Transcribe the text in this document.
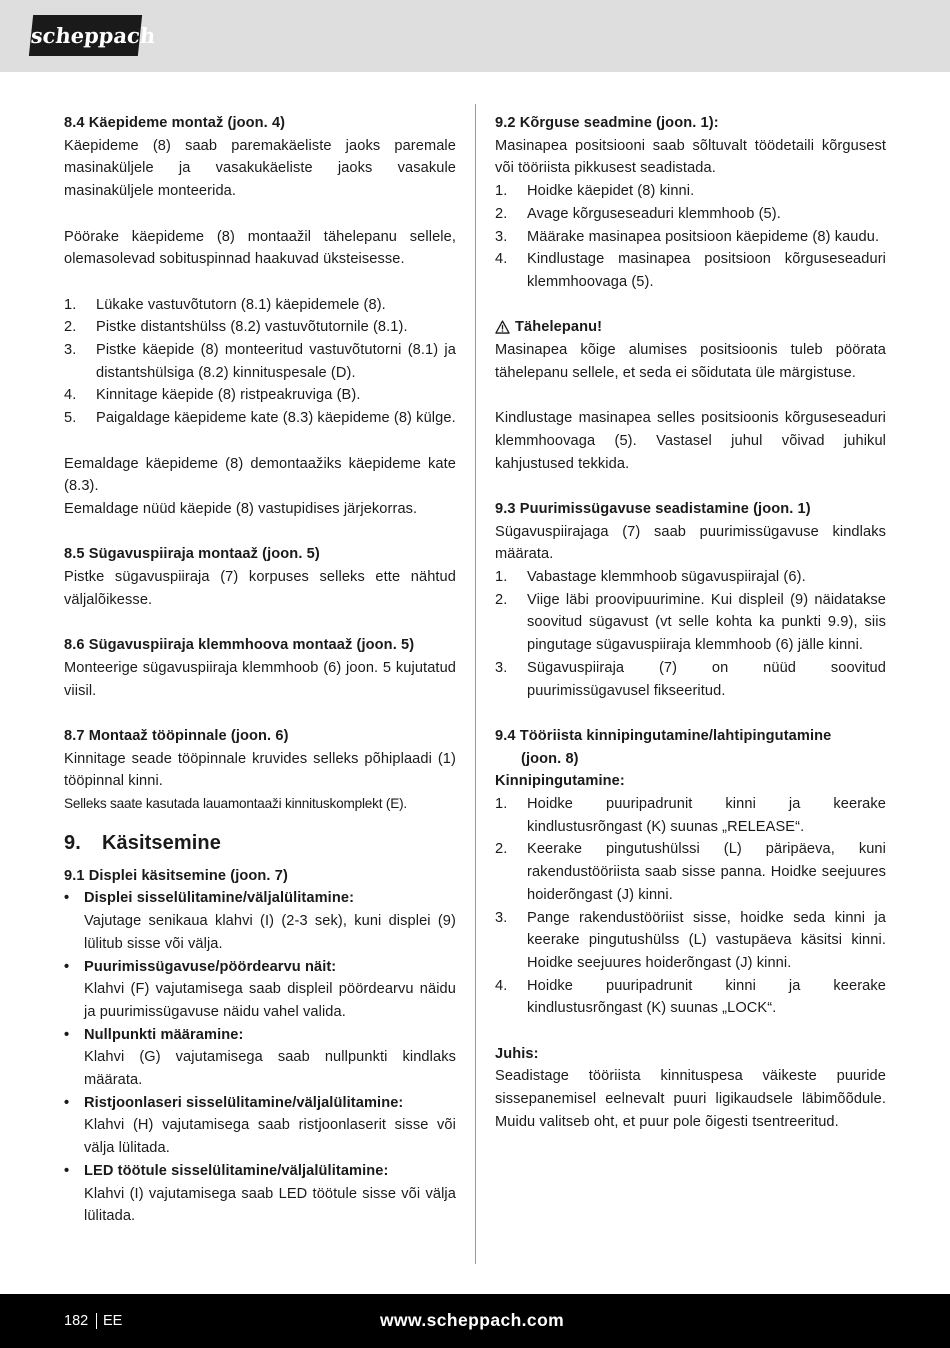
scheppach
8.4 Käepideme montaž (joon. 4)
Käepideme (8) saab paremakäeliste jaoks paremale masinaküljele ja vasakukäeliste jaoks vasakule masinaküljele monteerida.
Pöörake käepideme (8) montaažil tähelepanu sellele, olemasolevad sobituspinnad haakuvad üksteisesse.
1.	Lükake vastuvõtutorn (8.1) käepidemele (8).
2.	Pistke distantshülss (8.2) vastuvõtutornile (8.1).
3.	Pistke käepide (8) monteeritud vastuvõtutorni (8.1) ja distantshülsiga (8.2) kinnituspesale (D).
4.	Kinnitage käepide (8) ristpeakruviga (B).
5.	Paigaldage käepideme kate (8.3) käepideme (8) külge.
Eemaldage käepideme (8) demontaažiks käepideme kate (8.3).
Eemaldage nüüd käepide (8) vastupidises järjekorras.
8.5 Sügavuspiiraja montaaž (joon. 5)
Pistke sügavuspiiraja (7) korpuses selleks ette nähtud väljalõikesse.
8.6 Sügavuspiiraja klemmhoova montaaž (joon. 5)
Monteerige sügavuspiiraja klemmhoob (6) joon. 5 kujutatud viisil.
8.7 Montaaž tööpinnale (joon. 6)
Kinnitage seade tööpinnale kruvides selleks põhiplaadi (1) tööpinnal kinni.
Selleks saate kasutada lauamontaaži kinnituskomplekt (E).
9.	Käsitsemine
9.1 Displei käsitsemine (joon. 7)
•	Displei sisselülitamine/väljalülitamine:
Vajutage senikaua klahvi (I) (2-3 sek), kuni displei (9) lülitub sisse või välja.
•	Puurimissügavuse/pöördearvu näit:
Klahvi (F) vajutamisega saab displeil pöördearvu näidu ja puurimissügavuse näidu vahel valida.
•	Nullpunkti määramine:
Klahvi (G) vajutamisega saab nullpunkti kindlaks määrata.
•	Ristjoonlaseri sisselülitamine/väljalülitamine:
Klahvi (H) vajutamisega saab ristjoonlaserit sisse või välja lülitada.
•	LED töötule sisselülitamine/väljalülitamine:
Klahvi (I) vajutamisega saab LED töötule sisse või välja lülitada.
9.2 Kõrguse seadmine (joon. 1):
Masinapea positsiooni saab sõltuvalt töödetaili kõrgusest või tööriista pikkusest seadistada.
1.	Hoidke käepidet (8) kinni.
2.	Avage kõrguseseaduri klemmhoob (5).
3.	Määrake masinapea positsioon käepideme (8) kaudu.
4.	Kindlustage masinapea positsioon kõrguseseaduri klemmhoovaga (5).
Tähelepanu!
Masinapea kõige alumises positsioonis tuleb pöörata tähelepanu sellele, et seda ei sõidutata üle märgistuse.
Kindlustage masinapea selles positsioonis kõrguseseaduri klemmhoovaga (5). Vastasel juhul võivad juhikul kahjustused tekkida.
9.3 Puurimissügavuse seadistamine (joon. 1)
Sügavuspiirajaga (7) saab puurimissügavuse kindlaks määrata.
1.	Vabastage klemmhoob sügavuspiirajal (6).
2.	Viige läbi proovipuurimine. Kui displeil (9) näidatakse soovitud sügavust (vt selle kohta ka punkti 9.9), siis pingutage sügavuspiiraja klemmhoob (6) jälle kinni.
3.	Sügavuspiiraja (7) on nüüd soovitud puurimissügavusel fikseeritud.
9.4 Tööriista kinnipingutamine/lahtipingutamine
(joon. 8)
Kinnipingutamine:
1.	Hoidke puuripadrunit kinni ja keerake kindlustusrõngast (K) suunas „RELEASE“.
2.	Keerake pingutushülssi (L) päripäeva, kuni rakendustööriista saab sisse panna. Hoidke seejuures hoiderõngast (J) kinni.
3.	Pange rakendustööriist sisse, hoidke seda kinni ja keerake pingutushülss (L) vastupäeva käsitsi kinni. Hoidke seejuures hoiderõngast (J) kinni.
4.	Hoidke puuripadrunit kinni ja keerake kindlustusrõngast (K) suunas „LOCK“.
Juhis:
Seadistage tööriista kinnituspesa väikeste puuride sissepanemisel eelnevalt puuri ligikaudsele läbimõõdule. Muidu valitseb oht, et puur pole õigesti tsentreeritud.
182 EE	www.scheppach.com
